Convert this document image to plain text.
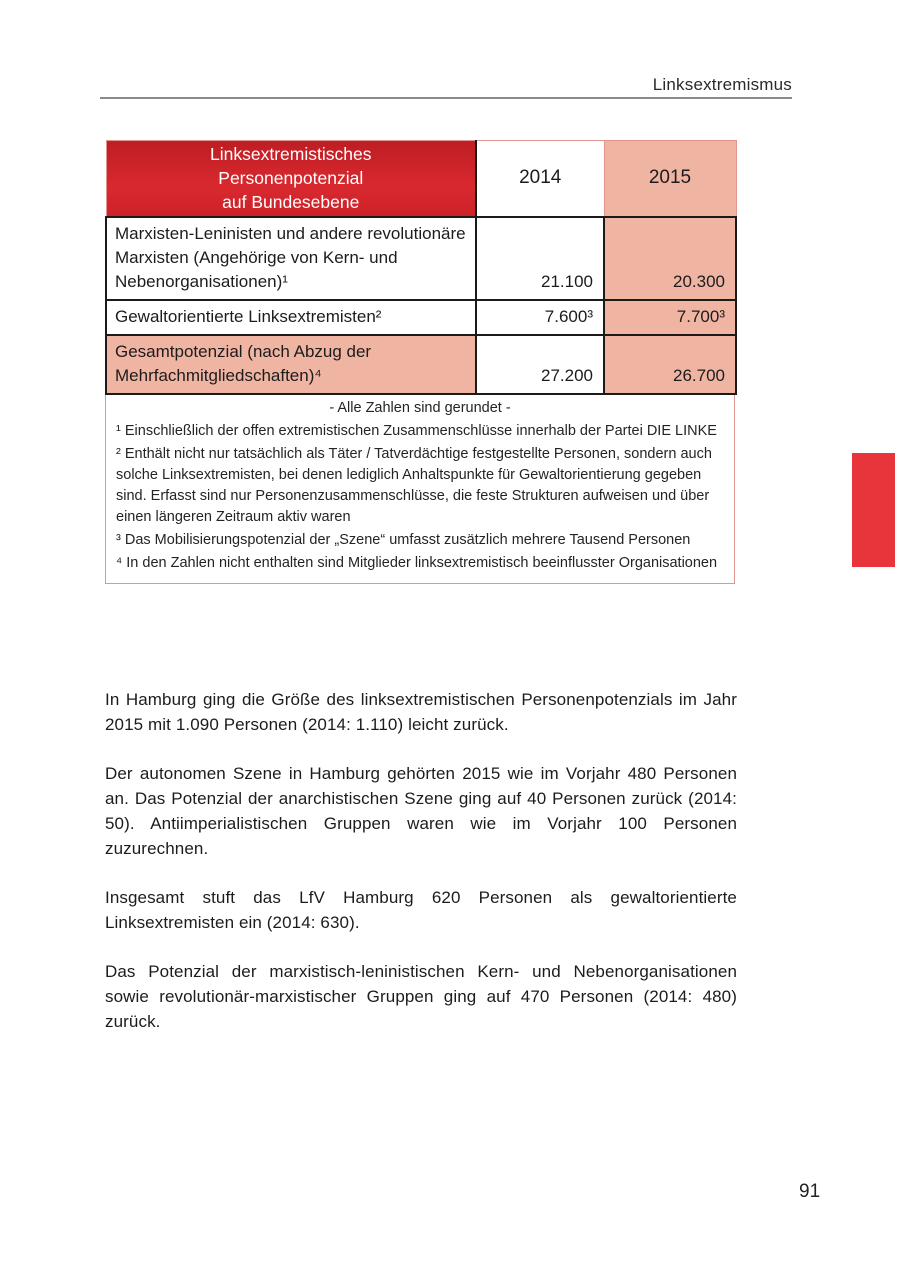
Linksextremismus
Linksextremistisches
Personenpotenzial
auf Bundesebene	2014	2015
Marxisten-Leninisten und andere revolutionäre Marxisten (Angehörige von Kern- und Nebenorganisationen)¹	21.100	20.300
Gewaltorientierte Linksextremisten²	7.600³	7.700³
Gesamtpotenzial (nach Abzug der Mehrfachmitgliedschaften)⁴	27.200	26.700
- Alle Zahlen sind gerundet -
¹ Einschließlich der offen extremistischen Zusammenschlüsse innerhalb der Partei DIE LINKE
² Enthält nicht nur tatsächlich als Täter / Tatverdächtige festgestellte Personen, sondern auch solche Linksextremisten, bei denen lediglich Anhaltspunkte für Gewaltorientierung gegeben sind. Erfasst sind nur Personenzusammenschlüsse, die feste Strukturen aufweisen und über einen längeren Zeitraum aktiv waren
³ Das Mobilisierungspotenzial der „Szene“ umfasst zusätzlich mehrere Tausend Personen
⁴ In den Zahlen nicht enthalten sind Mitglieder linksextremistisch beeinflusster Organisationen

In Hamburg ging die Größe des linksextremistischen Personenpotenzials im Jahr 2015 mit 1.090 Personen (2014: 1.110) leicht zurück.

Der autonomen Szene in Hamburg gehörten 2015 wie im Vorjahr 480 Personen an. Das Potenzial der anarchistischen Szene ging auf 40 Personen zurück (2014: 50). Antiimperialistischen Gruppen waren wie im Vorjahr 100 Personen zuzurechnen.

Insgesamt stuft das LfV Hamburg 620 Personen als gewaltorientierte Linksextremisten ein (2014: 630).

Das Potenzial der marxistisch-leninistischen Kern- und Nebenorganisationen sowie revolutionär-marxistischer Gruppen ging auf 470 Personen (2014: 480) zurück.

91
